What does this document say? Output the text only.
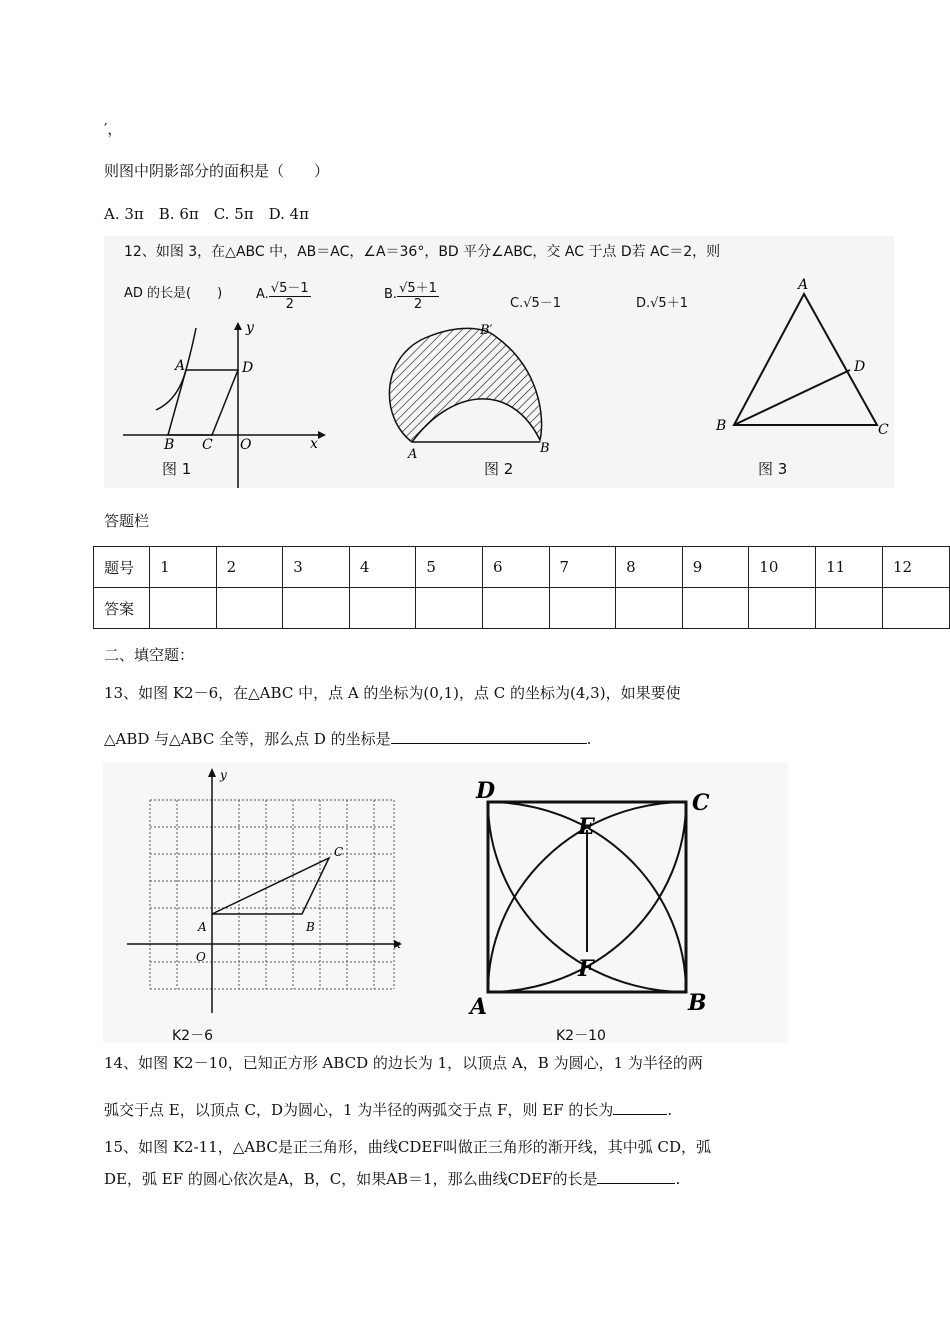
′，
则图中阴影部分的面积是（　　）
A. 3π　B. 6π　C. 5π　D. 4π
12、如图 3，在△ABC 中，AB＝AC，∠A＝36°，BD 平分∠ABC，交 AC 于点 D若 AC＝2，则
AD 的长是(　　)	A. $\frac{√5-1}{2}$	B. $\frac{√5+1}{2}$	C.√5－1	D.√5＋1
y
A	D
B C O	x
图 1
B′
A	B
图 2
A
D
B	C
图 3
答题栏
题号	1	2	3	4	5	6	7	8	9	10	11	12
答案												
二、填空题：
13、如图 K2－6，在△ABC 中，点 A 的坐标为(0,1)，点 C 的坐标为(4,3)，如果要使
△ABD 与△ABC 全等，那么点 D 的坐标是	.
y
C
A	B
O
x
K2－6
D	C
E
F
A	B
K2－10
14、如图 K2－10，已知正方形 ABCD 的边长为 1，以顶点 A，B 为圆心，1 为半径的两
弧交于点 E，以顶点 C，D为圆心，1 为半径的两弧交于点 F，则 EF 的长为	.
15、如图 K2-11，△ABC是正三角形，曲线CDEF叫做正三角形的渐开线，其中弧 CD，弧
DE，弧 EF 的圆心依次是A，B，C，如果AB＝1，那么曲线CDEF的长是	.
